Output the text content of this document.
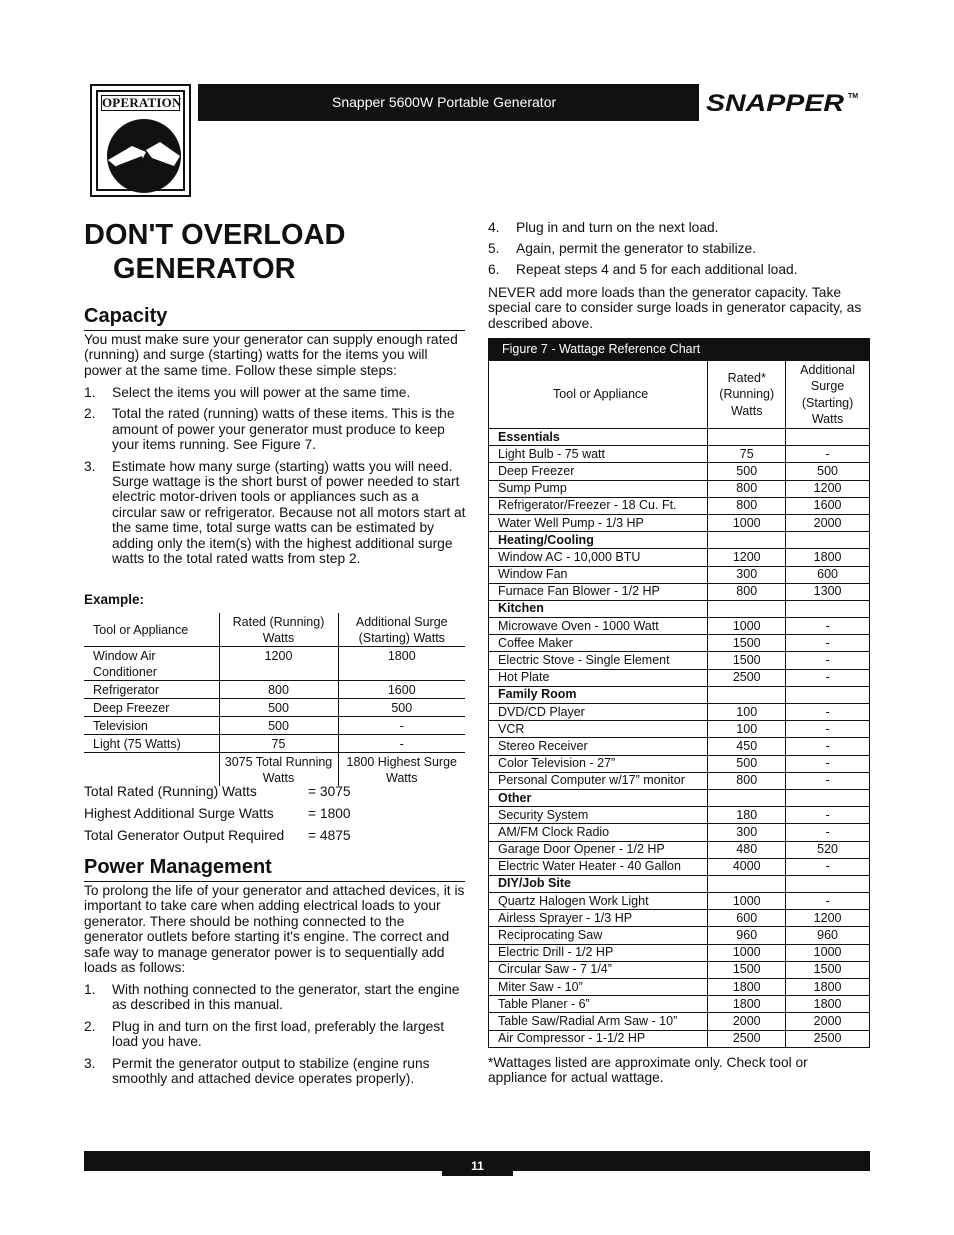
OPERATION	Snapper 5600W Portable Generator	SNAPPER TM
DON'T OVERLOAD
GENERATOR
Capacity
You must make sure your generator can supply enough rated (running) and surge (starting) watts for the items you will power at the same time. Follow these simple steps:
1. Select the items you will power at the same time.
2. Total the rated (running) watts of these items. This is the amount of power your generator must produce to keep your items running. See Figure 7.
3. Estimate how many surge (starting) watts you will need. Surge wattage is the short burst of power needed to start electric motor-driven tools or appliances such as a circular saw or refrigerator. Because not all motors start at the same time, total surge watts can be estimated by adding only the item(s) with the highest additional surge watts to the total rated watts from step 2.
Example:
Tool or Appliance	Rated (Running) Watts	Additional Surge (Starting) Watts
Window Air Conditioner	1200	1800
Refrigerator	800	1600
Deep Freezer	500	500
Television	500	-
Light (75 Watts)	75	-
	3075 Total Running Watts	1800 Highest Surge Watts
Total Rated (Running) Watts	= 3075
Highest Additional Surge Watts = 1800
Total Generator Output Required = 4875
Power Management
To prolong the life of your generator and attached devices, it is important to take care when adding electrical loads to your generator. There should be nothing connected to the generator outlets before starting it's engine. The correct and safe way to manage generator power is to sequentially add loads as follows:
1. With nothing connected to the generator, start the engine as described in this manual.
2. Plug in and turn on the first load, preferably the largest load you have.
3. Permit the generator output to stabilize (engine runs smoothly and attached device operates properly).
4. Plug in and turn on the next load.
5. Again, permit the generator to stabilize.
6. Repeat steps 4 and 5 for each additional load.
NEVER add more loads than the generator capacity. Take special care to consider surge loads in generator capacity, as described above.
Figure 7 - Wattage Reference Chart
Tool or Appliance	Rated* (Running) Watts	Additional Surge (Starting) Watts
Essentials		
Light Bulb - 75 watt	75	-
Deep Freezer	500	500
Sump Pump	800	1200
Refrigerator/Freezer - 18 Cu. Ft.	800	1600
Water Well Pump - 1/3 HP	1000	2000
Heating/Cooling		
Window AC - 10,000 BTU	1200	1800
Window Fan	300	600
Furnace Fan Blower - 1/2 HP	800	1300
Kitchen		
Microwave Oven - 1000 Watt	1000	-
Coffee Maker	1500	-
Electric Stove - Single Element	1500	-
Hot Plate	2500	-
Family Room		
DVD/CD Player	100	-
VCR	100	-
Stereo Receiver	450	-
Color Television - 27”	500	-
Personal Computer w/17” monitor	800	-
Other		
Security System	180	-
AM/FM Clock Radio	300	-
Garage Door Opener - 1/2 HP	480	520
Electric Water Heater - 40 Gallon	4000	-
DIY/Job Site		
Quartz Halogen Work Light	1000	-
Airless Sprayer - 1/3 HP	600	1200
Reciprocating Saw	960	960
Electric Drill - 1/2 HP	1000	1000
Circular Saw - 7 1/4”	1500	1500
Miter Saw - 10”	1800	1800
Table Planer - 6”	1800	1800
Table Saw/Radial Arm Saw - 10”	2000	2000
Air Compressor - 1-1/2 HP	2500	2500
*Wattages listed are approximate only. Check tool or appliance for actual wattage.
11
